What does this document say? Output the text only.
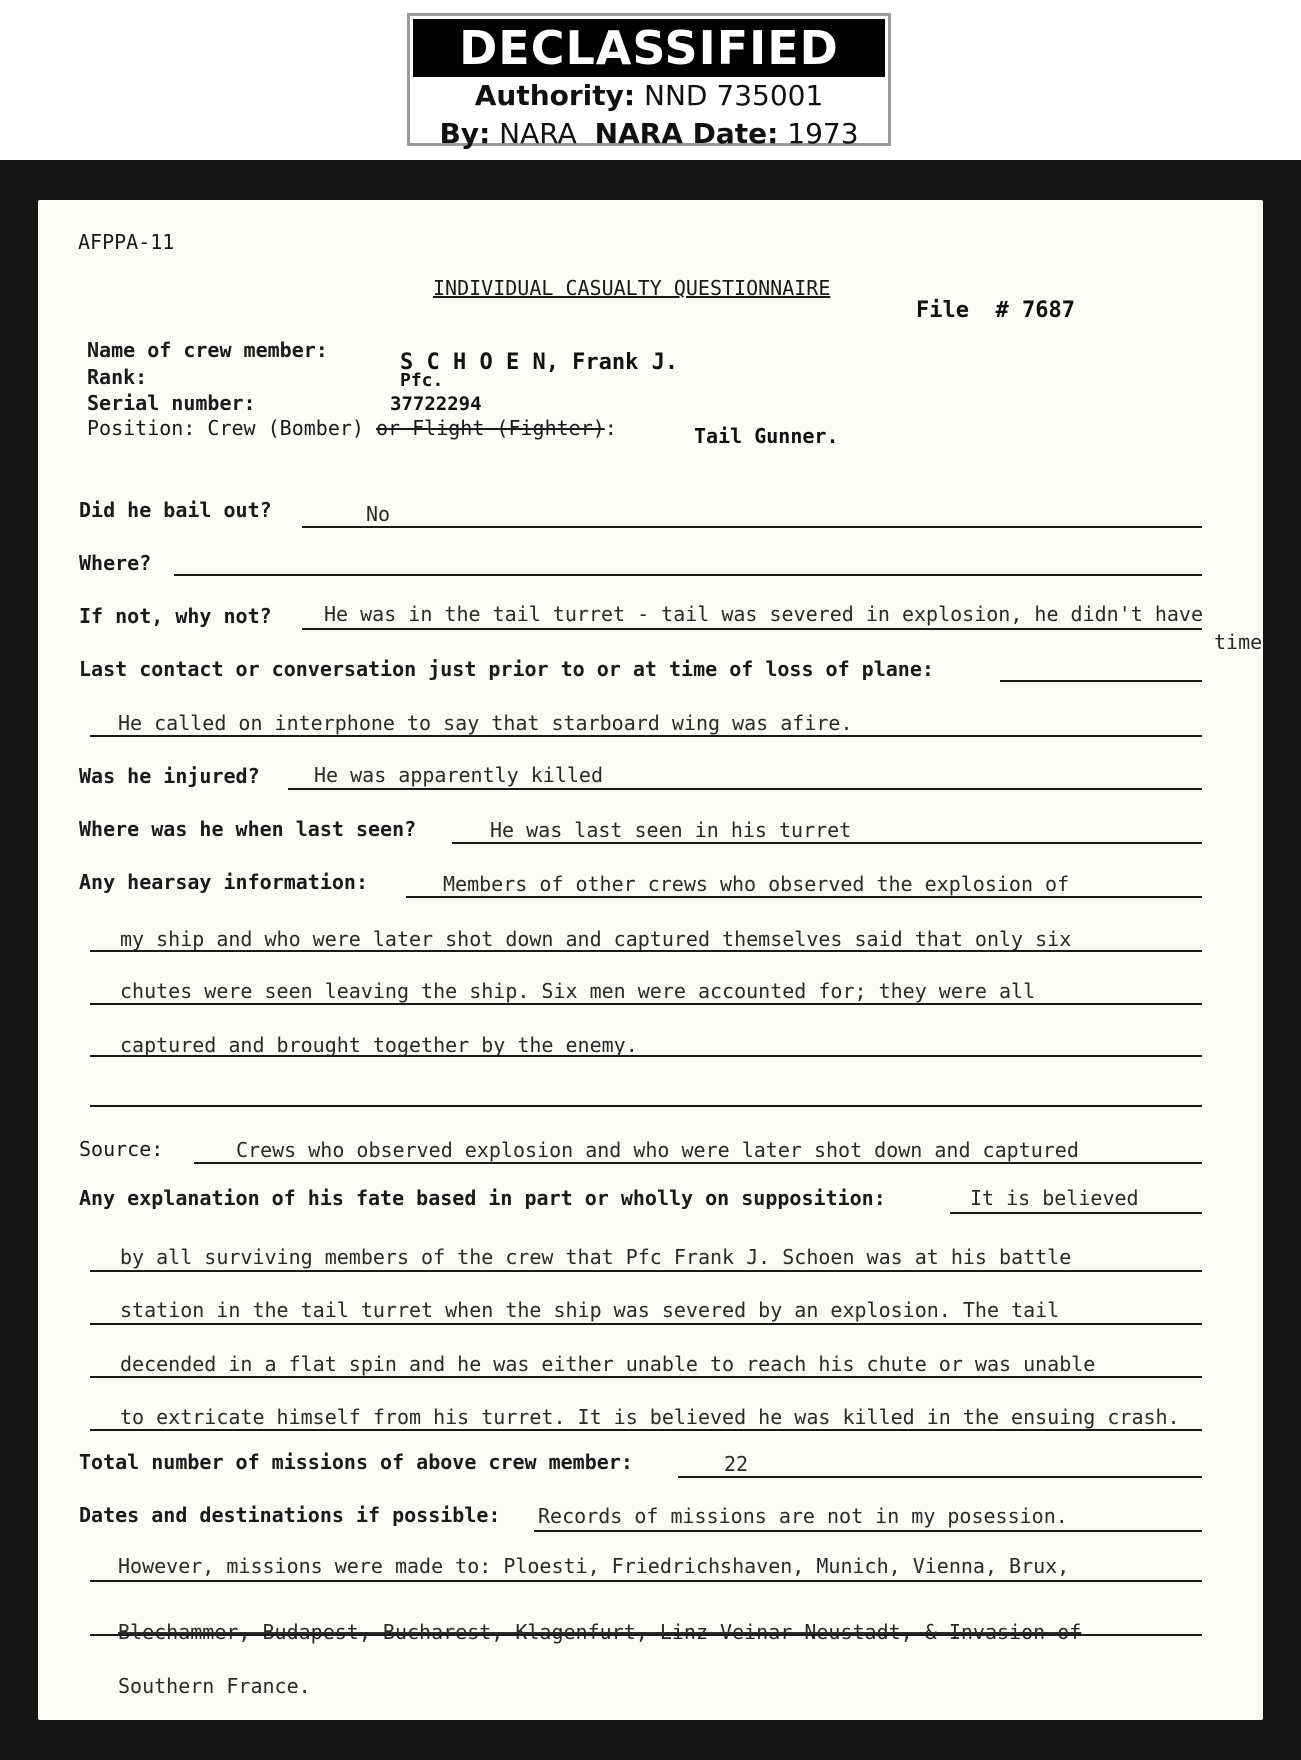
DECLASSIFIED
Authority: NND 735001
By: NARA NARA Date: 1973
AFPPA-11
INDIVIDUAL CASUALTY QUESTIONNAIRE
File # 7687
Name of crew member:	S C H O E N, Frank J.
Rank:	Pfc.
Serial number:	37722294
Position: Crew (Bomber) or Flight (Fighter):	Tail Gunner.
Did he bail out?	No
Where?
If not, why not?	He was in the tail turret - tail was severed in explosion, he didn't have
time
Last contact or conversation just prior to or at time of loss of plane:
He called on interphone to say that starboard wing was afire.
Was he injured?	He was apparently killed
Where was he when last seen?	He was last seen in his turret
Any hearsay information:	Members of other crews who observed the explosion of
my ship and who were later shot down and captured themselves said that only six
chutes were seen leaving the ship. Six men were accounted for; they were all
captured and brought together by the enemy.
Source:	Crews who observed explosion and who were later shot down and captured
Any explanation of his fate based in part or wholly on supposition:	It is believed
by all surviving members of the crew that Pfc Frank J. Schoen was at his battle
station in the tail turret when the ship was severed by an explosion. The tail
decended in a flat spin and he was either unable to reach his chute or was unable
to extricate himself from his turret. It is believed he was killed in the ensuing crash.
Total number of missions of above crew member:	22
Dates and destinations if possible: Records of missions are not in my posession.
However, missions were made to: Ploesti, Friedrichshaven, Munich, Vienna, Brux,
Blechammer, Budapest, Bucharest, Klagenfurt, Linz Veinar Neustadt, & Invasion of
Southern France.
